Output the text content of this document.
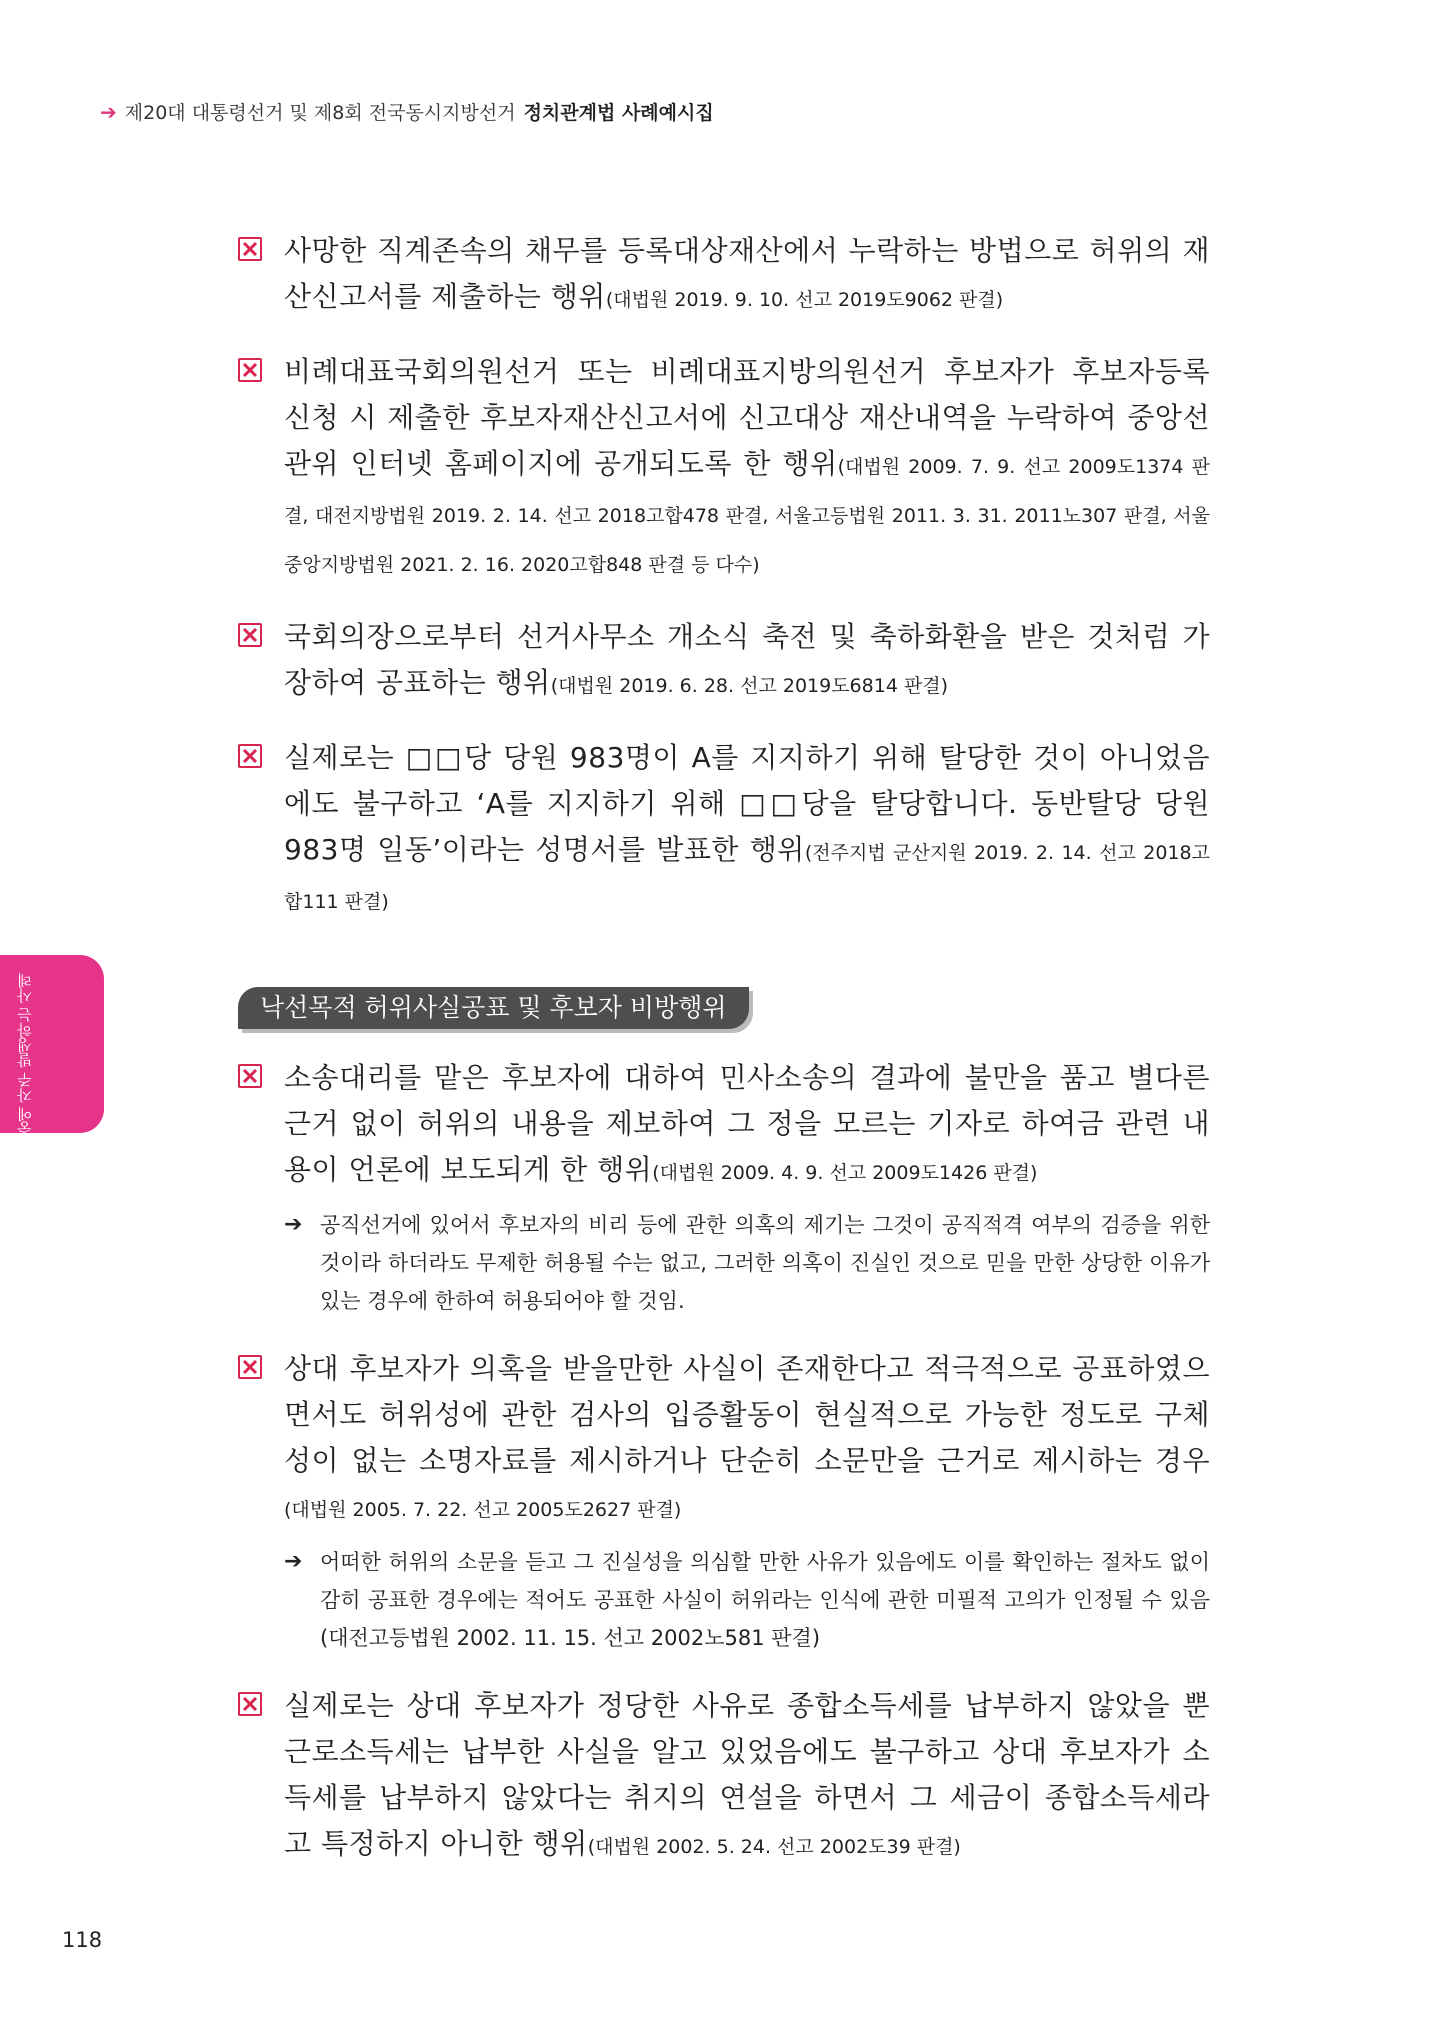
➔ 제20대 대통령선거 및 제8회 전국동시지방선거 정치관계법 사례예시집
제5장
선거기간 중에
자주 발생하는 사례
사망한 직계존속의 채무를 등록대상재산에서 누락하는 방법으로 허위의 재산신고서를 제출하는 행위(대법원 2019. 9. 10. 선고 2019도9062 판결)
비례대표국회의원선거 또는 비례대표지방의원선거 후보자가 후보자등록 신청 시 제출한 후보자재산신고서에 신고대상 재산내역을 누락하여 중앙선관위 인터넷 홈페이지에 공개되도록 한 행위(대법원 2009. 7. 9. 선고 2009도1374 판결, 대전지방법원 2019. 2. 14. 선고 2018고합478 판결, 서울고등법원 2011. 3. 31. 2011노307 판결, 서울중앙지방법원 2021. 2. 16. 2020고합848 판결 등 다수)
국회의장으로부터 선거사무소 개소식 축전 및 축하화환을 받은 것처럼 가장하여 공표하는 행위(대법원 2019. 6. 28. 선고 2019도6814 판결)
실제로는 □□당 당원 983명이 A를 지지하기 위해 탈당한 것이 아니었음에도 불구하고 ‘A를 지지하기 위해 □□당을 탈당합니다. 동반탈당 당원 983명 일동’이라는 성명서를 발표한 행위(전주지법 군산지원 2019. 2. 14. 선고 2018고합111 판결)
낙선목적 허위사실공표 및 후보자 비방행위
소송대리를 맡은 후보자에 대하여 민사소송의 결과에 불만을 품고 별다른 근거 없이 허위의 내용을 제보하여 그 정을 모르는 기자로 하여금 관련 내용이 언론에 보도되게 한 행위(대법원 2009. 4. 9. 선고 2009도1426 판결)
➔ 공직선거에 있어서 후보자의 비리 등에 관한 의혹의 제기는 그것이 공직적격 여부의 검증을 위한 것이라 하더라도 무제한 허용될 수는 없고, 그러한 의혹이 진실인 것으로 믿을 만한 상당한 이유가 있는 경우에 한하여 허용되어야 할 것임.
상대 후보자가 의혹을 받을만한 사실이 존재한다고 적극적으로 공표하였으면서도 허위성에 관한 검사의 입증활동이 현실적으로 가능한 정도로 구체성이 없는 소명자료를 제시하거나 단순히 소문만을 근거로 제시하는 경우(대법원 2005. 7. 22. 선고 2005도2627 판결)
➔ 어떠한 허위의 소문을 듣고 그 진실성을 의심할 만한 사유가 있음에도 이를 확인하는 절차도 없이 감히 공표한 경우에는 적어도 공표한 사실이 허위라는 인식에 관한 미필적 고의가 인정될 수 있음(대전고등법원 2002. 11. 15. 선고 2002노581 판결)
실제로는 상대 후보자가 정당한 사유로 종합소득세를 납부하지 않았을 뿐 근로소득세는 납부한 사실을 알고 있었음에도 불구하고 상대 후보자가 소득세를 납부하지 않았다는 취지의 연설을 하면서 그 세금이 종합소득세라고 특정하지 아니한 행위(대법원 2002. 5. 24. 선고 2002도39 판결)
118
